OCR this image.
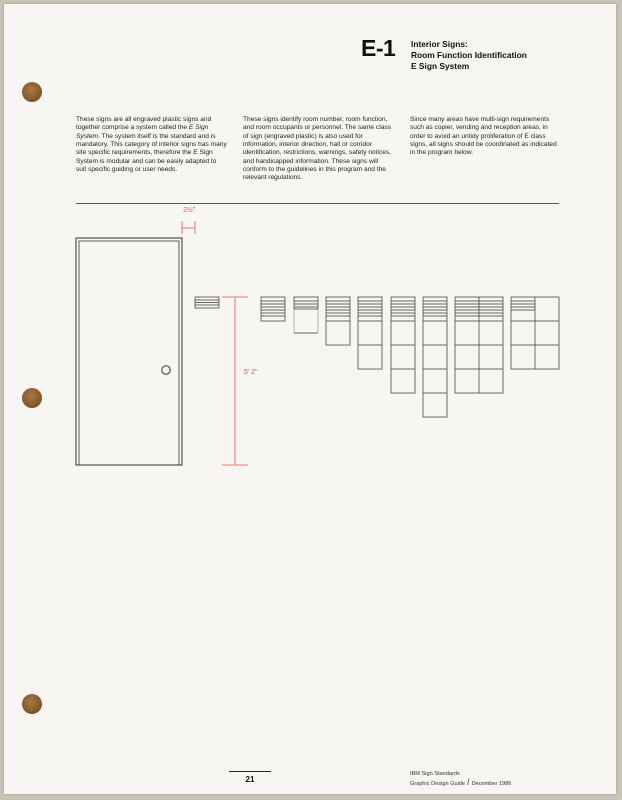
E-1 Interior Signs:
Room Function Identification
E Sign System

These signs are all engraved plastic signs and together comprise a system called the E Sign System. The system itself is the standard and is mandatory. This category of interior signs has many site specific requirements, therefore the E Sign System is modular and can be easily adapted to suit specific guiding or user needs.

These signs identify room number, room function, and room occupants or personnel. The same class of sign (engraved plastic) is also used for information, interior direction, hall or corridor identification, restrictions, warnings, safety notices, and handicapped information. These signs will conform to the guidelines in this program and the relevant regulations.

Since many areas have multi-sign requirements such as copier, vending and reception areas, in order to avoid an untidy proliferation of E class signs, all signs should be coordinated as indicated in the program below.

2½"
5' 2"
21
IBM Sign Standards
Graphic Design Guide / December 1986
